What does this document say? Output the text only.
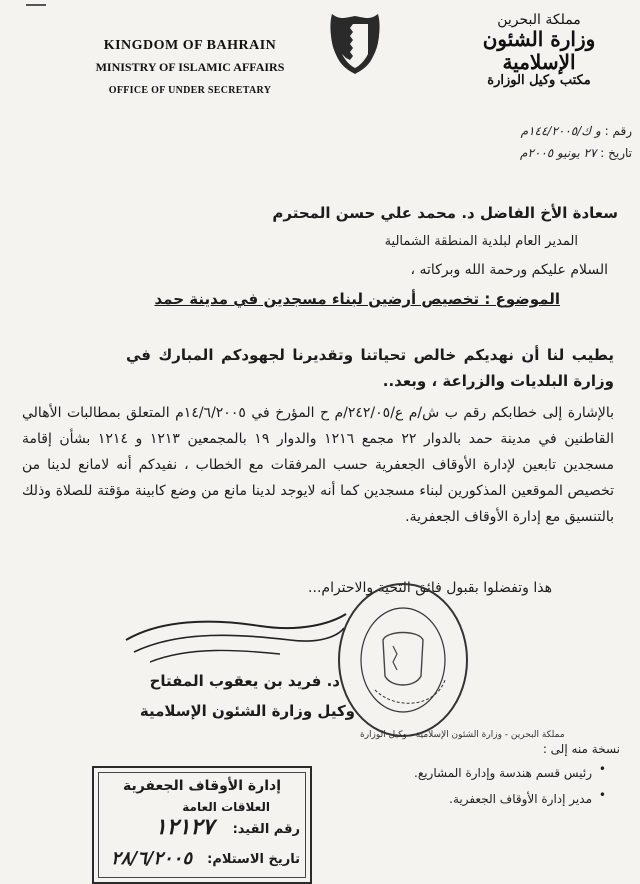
KINGDOM OF BAHRAIN
MINISTRY OF ISLAMIC AFFAIRS
OFFICE OF UNDER SECRETARY
مملكة البحرين
وزارة الشئون الإسلامية
مكتب وكيل الوزارة
رقم : و ك/١٤٤/٢٠٠٥م
تاريخ : ٢٧ يونيو ٢٠٠٥م
سعادة الأخ الفاضل د. محمد علي حسن المحترم
المدير العام لبلدية المنطقة الشمالية
السلام عليكم ورحمة الله وبركاته ،
الموضوع : تخصيص أرضين لبناء مسجدين في مدينة حمد
يطيب لنا أن نهديكم خالص تحياتنا وتقديرنا لجهودكم المبارك في وزارة البلديات والزراعة ، وبعد..
بالإشارة إلى خطابكم رقم ب ش/م ع/٢٤٢/٠٥/م ح المؤرخ في ١٤/٦/٢٠٠٥م المتعلق بمطالبات الأهالي القاطنين في مدينة حمد بالدوار ٢٢ مجمع ١٢١٦ والدوار ١٩ بالمجمعين ١٢١٣ و ١٢١٤ بشأن إقامة مسجدين تابعين لإدارة الأوقاف الجعفرية حسب المرفقات مع الخطاب ، نفيدكم أنه لامانع لدينا من تخصيص الموقعين المذكورين لبناء مسجدين كما أنه لايوجد لدينا مانع من وضع كابينة مؤقتة للصلاة وذلك بالتنسيق مع إدارة الأوقاف الجعفرية.
هذا وتفضلوا بقبول فائق التحية والاحترام...
مملكة البحرين - وزارة الشئون الإسلامية - وكيل الوزارة
د. فريد بن يعقوب المفتاح
وكيل وزارة الشئون الإسلامية
نسخة منه إلى :
رئيس قسم هندسة وإدارة المشاريع.
مدير إدارة الأوقاف الجعفرية.
•
•
إدارة الأوقاف الجعفرية
العلاقات العامة
رقم القيد:
١٢١٢٧
تاريخ الاستلام:
٢٨/٦/٢٠٠٥
